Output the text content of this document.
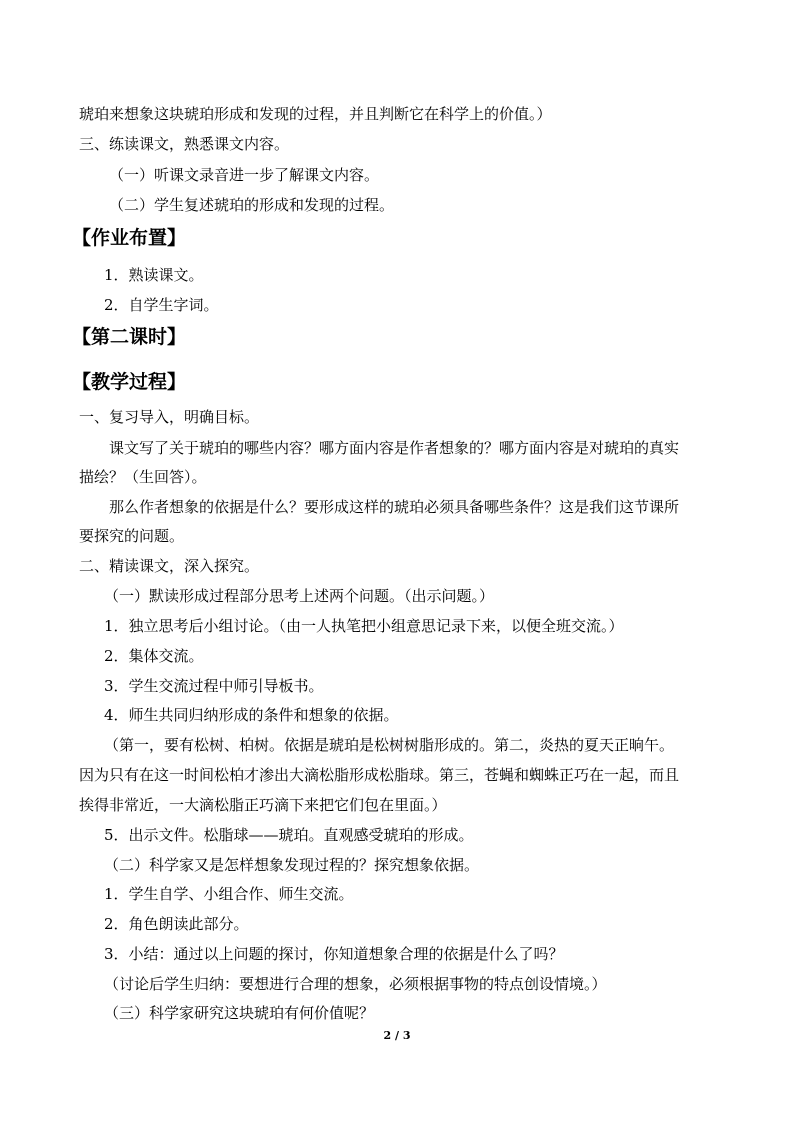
琥珀来想象这块琥珀形成和发现的过程，并且判断它在科学上的价值。）
三、练读课文，熟悉课文内容。
（一）听课文录音进一步了解课文内容。
（二）学生复述琥珀的形成和发现的过程。
【作业布置】
1．熟读课文。
2．自学生字词。
【第二课时】
【教学过程】
一、复习导入，明确目标。
课文写了关于琥珀的哪些内容？哪方面内容是作者想象的？哪方面内容是对琥珀的真实
描绘？（生回答）。
那么作者想象的依据是什么？要形成这样的琥珀必须具备哪些条件？这是我们这节课所
要探究的问题。
二、精读课文，深入探究。
（一）默读形成过程部分思考上述两个问题。（出示问题。）
1．独立思考后小组讨论。（由一人执笔把小组意思记录下来，以便全班交流。）
2．集体交流。
3．学生交流过程中师引导板书。
4．师生共同归纳形成的条件和想象的依据。
（第一，要有松树、柏树。依据是琥珀是松树树脂形成的。第二，炎热的夏天正晌午。
因为只有在这一时间松柏才渗出大滴松脂形成松脂球。第三，苍蝇和蜘蛛正巧在一起，而且
挨得非常近，一大滴松脂正巧滴下来把它们包在里面。）
5．出示文件。松脂球——琥珀。直观感受琥珀的形成。
（二）科学家又是怎样想象发现过程的？探究想象依据。
1．学生自学、小组合作、师生交流。
2．角色朗读此部分。
3．小结：通过以上问题的探讨，你知道想象合理的依据是什么了吗？
（讨论后学生归纳：要想进行合理的想象，必须根据事物的特点创设情境。）
（三）科学家研究这块琥珀有何价值呢？
2 / 3
